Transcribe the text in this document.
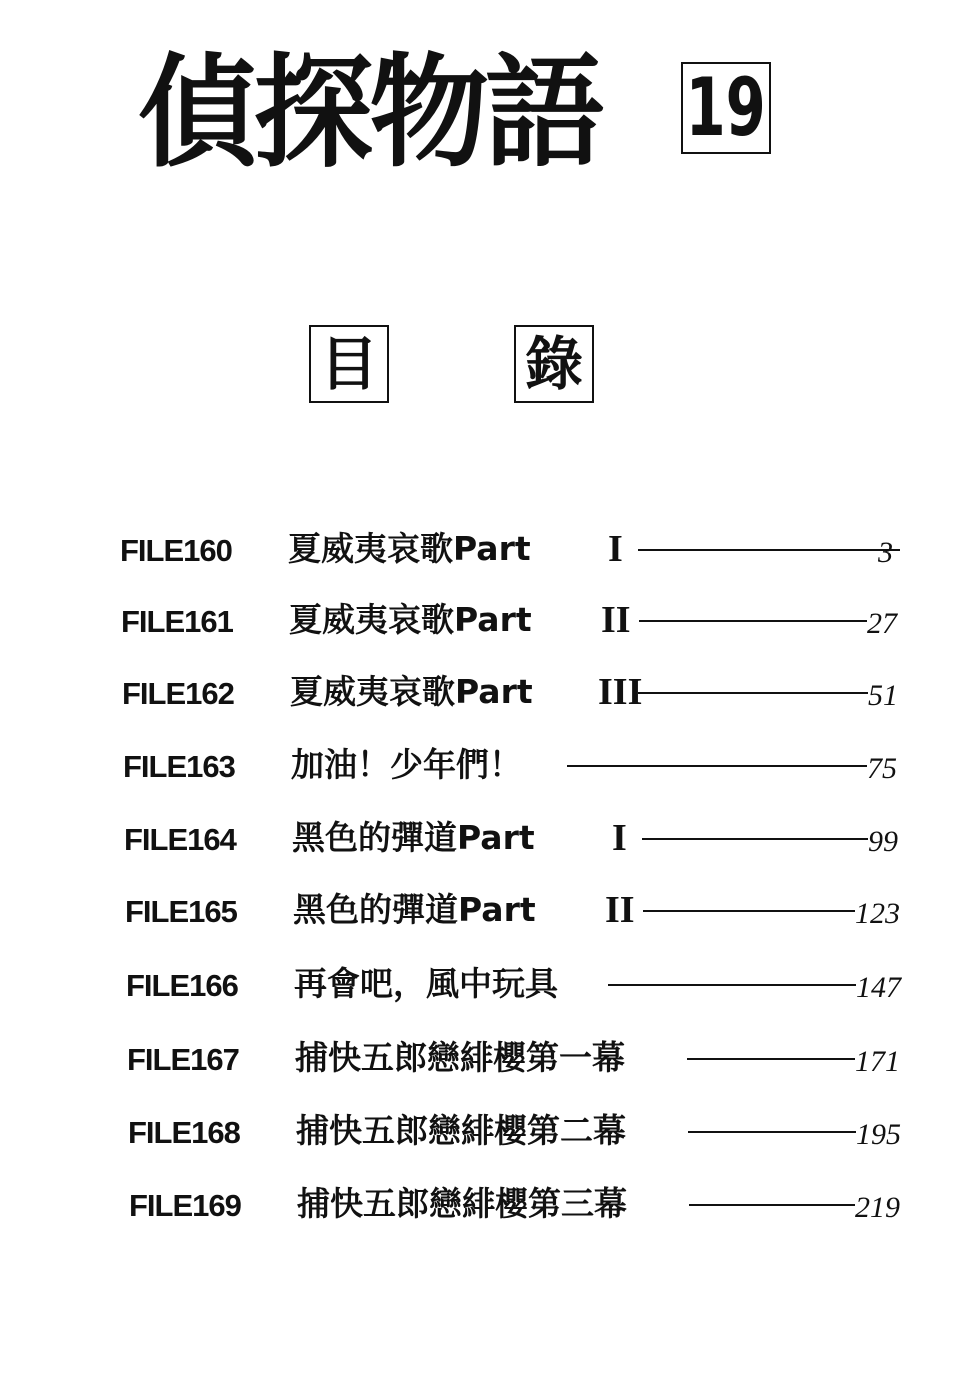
偵探物語 19
目	錄
FILE160 夏威夷哀歌Part I	3
FILE161 夏威夷哀歌Part II	27
FILE162 夏威夷哀歌Part III	51
FILE163 加油！少年們！	75
FILE164 黑色的彈道Part I	99
FILE165 黑色的彈道Part II	123
FILE166 再會吧，風中玩具	147
FILE167 捕快五郎戀緋櫻第一幕	171
FILE168 捕快五郎戀緋櫻第二幕	195
FILE169 捕快五郎戀緋櫻第三幕	219
